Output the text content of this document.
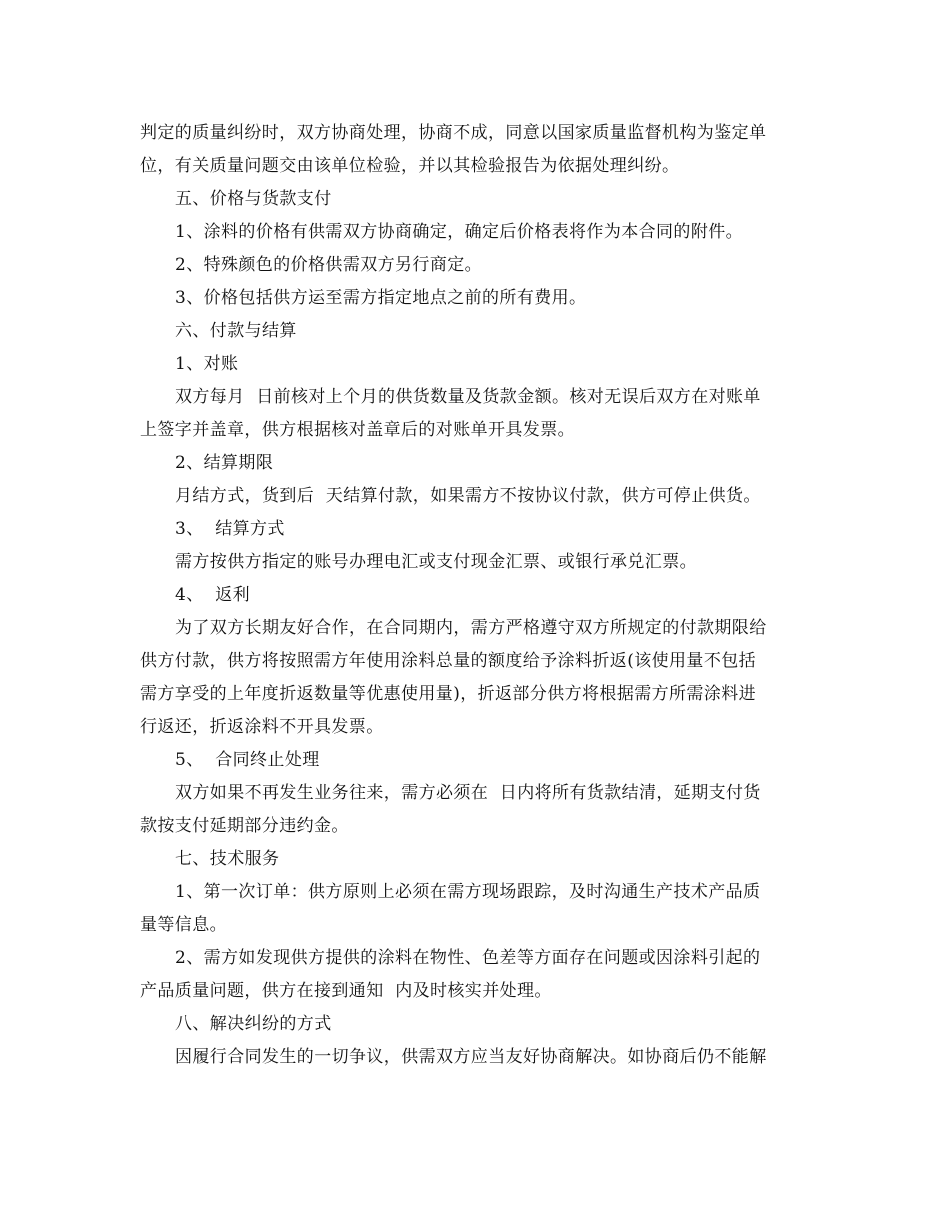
判定的质量纠纷时，双方协商处理，协商不成，同意以国家质量监督机构为鉴定单
位，有关质量问题交由该单位检验，并以其检验报告为依据处理纠纷。
五、价格与货款支付
1、涂料的价格有供需双方协商确定，确定后价格表将作为本合同的附件。
2、特殊颜色的价格供需双方另行商定。
3、价格包括供方运至需方指定地点之前的所有费用。
六、付款与结算
1、对账
双方每月  日前核对上个月的供货数量及货款金额。核对无误后双方在对账单
上签字并盖章，供方根据核对盖章后的对账单开具发票。
2、结算期限
月结方式，货到后  天结算付款，如果需方不按协议付款，供方可停止供货。
3、  结算方式
需方按供方指定的账号办理电汇或支付现金汇票、或银行承兑汇票。
4、  返利
为了双方长期友好合作，在合同期内，需方严格遵守双方所规定的付款期限给
供方付款，供方将按照需方年使用涂料总量的额度给予涂料折返(该使用量不包括
需方享受的上年度折返数量等优惠使用量)，折返部分供方将根据需方所需涂料进
行返还，折返涂料不开具发票。
5、  合同终止处理
双方如果不再发生业务往来，需方必须在  日内将所有货款结清，延期支付货
款按支付延期部分违约金。
七、技术服务
1、第一次订单：供方原则上必须在需方现场跟踪，及时沟通生产技术产品质
量等信息。
2、需方如发现供方提供的涂料在物性、色差等方面存在问题或因涂料引起的
产品质量问题，供方在接到通知  内及时核实并处理。
八、解决纠纷的方式
因履行合同发生的一切争议，供需双方应当友好协商解决。如协商后仍不能解
